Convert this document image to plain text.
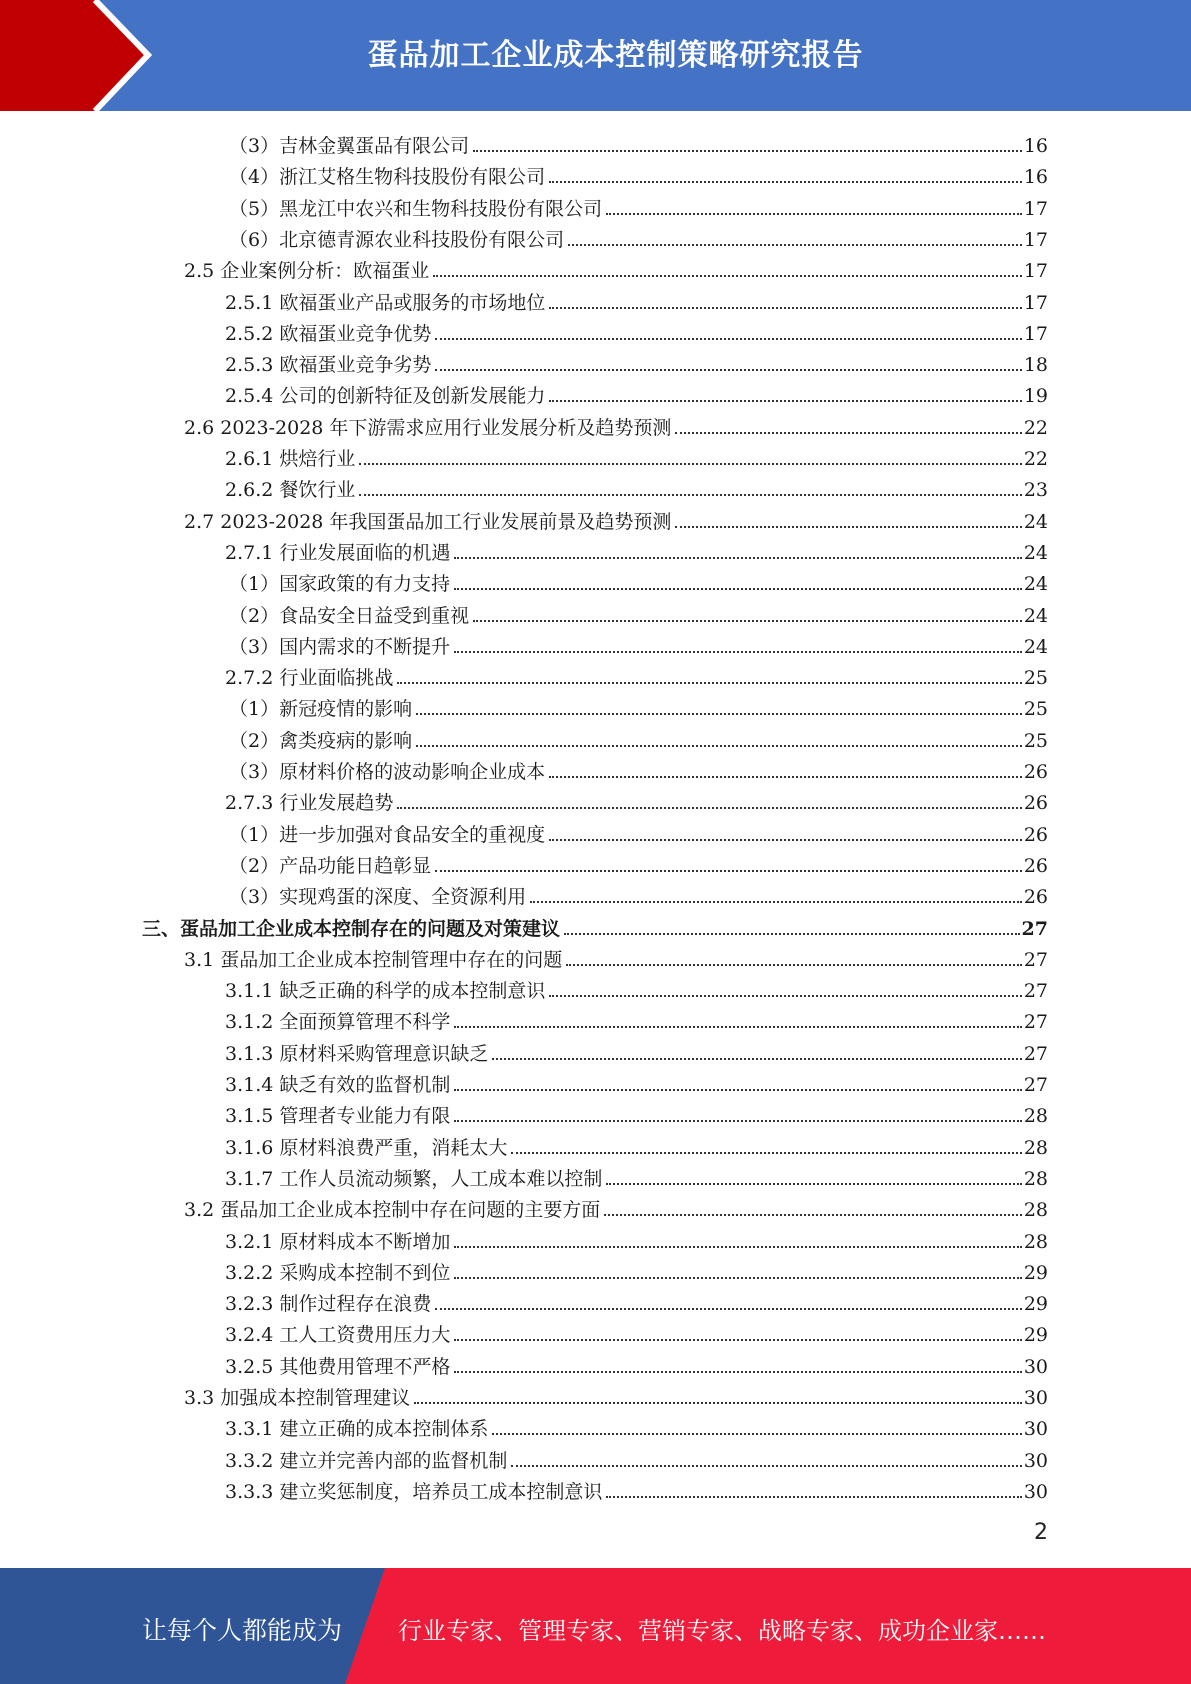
蛋品加工企业成本控制策略研究报告
（3）吉林金翼蛋品有限公司	16
（4）浙江艾格生物科技股份有限公司	16
（5）黑龙江中农兴和生物科技股份有限公司	17
（6）北京德青源农业科技股份有限公司	17
2.5 企业案例分析：欧福蛋业	17
2.5.1 欧福蛋业产品或服务的市场地位	17
2.5.2 欧福蛋业竞争优势	17
2.5.3 欧福蛋业竞争劣势	18
2.5.4 公司的创新特征及创新发展能力	19
2.6 2023-2028 年下游需求应用行业发展分析及趋势预测	22
2.6.1 烘焙行业	22
2.6.2 餐饮行业	23
2.7 2023-2028 年我国蛋品加工行业发展前景及趋势预测	24
2.7.1 行业发展面临的机遇	24
（1）国家政策的有力支持	24
（2）食品安全日益受到重视	24
（3）国内需求的不断提升	24
2.7.2 行业面临挑战	25
（1）新冠疫情的影响	25
（2）禽类疫病的影响	25
（3）原材料价格的波动影响企业成本	26
2.7.3 行业发展趋势	26
（1）进一步加强对食品安全的重视度	26
（2）产品功能日趋彰显	26
（3）实现鸡蛋的深度、全资源利用	26
三、蛋品加工企业成本控制存在的问题及对策建议	27
3.1 蛋品加工企业成本控制管理中存在的问题	27
3.1.1 缺乏正确的科学的成本控制意识	27
3.1.2 全面预算管理不科学	27
3.1.3 原材料采购管理意识缺乏	27
3.1.4 缺乏有效的监督机制	27
3.1.5 管理者专业能力有限	28
3.1.6 原材料浪费严重，消耗太大	28
3.1.7 工作人员流动频繁，人工成本难以控制	28
3.2 蛋品加工企业成本控制中存在问题的主要方面	28
3.2.1 原材料成本不断增加	28
3.2.2 采购成本控制不到位	29
3.2.3 制作过程存在浪费	29
3.2.4 工人工资费用压力大	29
3.2.5 其他费用管理不严格	30
3.3 加强成本控制管理建议	30
3.3.1 建立正确的成本控制体系	30
3.3.2 建立并完善内部的监督机制	30
3.3.3 建立奖惩制度，培养员工成本控制意识	30
2
让每个人都能成为 行业专家、管理专家、营销专家、战略专家、成功企业家……
